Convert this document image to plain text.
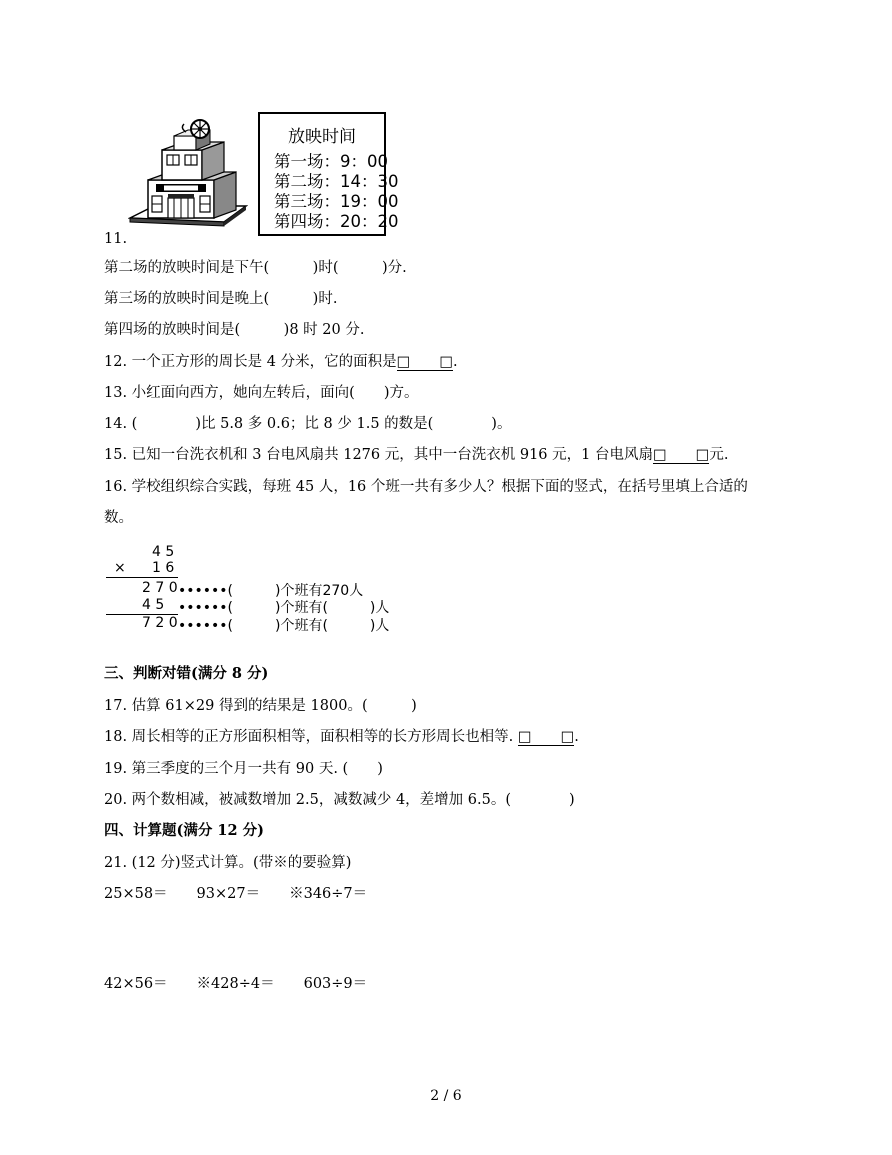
放映时间
第一场：9：00
第二场：14：30
第三场：19：00
第四场：20：20
11.
第二场的放映时间是下午(　　　)时(　　　)分.
第三场的放映时间是晚上(　　　)时.
第四场的放映时间是(　　　)8 时 20 分.
12. 一个正方形的周长是 4 分米，它的面积是□　　□.
13. 小红面向西方，她向左转后，面向(　　)方。
14. (　　　　)比 5.8 多 0.6；比 8 少 1.5 的数是(　　　　)。
15. 已知一台洗衣机和 3 台电风扇共 1276 元，其中一台洗衣机 916 元，1 台电风扇□　　□元.
16. 学校组织综合实践，每班 45 人，16 个班一共有多少人？根据下面的竖式，在括号里填上合适的
数。
4 5
× 1 6
2 7 0 ••••••(　　　)个班有270人
4 5 ••••••(　　　)个班有(　　　)人
7 2 0 ••••••(　　　)个班有(　　　)人
三、判断对错(满分 8 分)
17. 估算 61×29 得到的结果是 1800。(　　　)
18. 周长相等的正方形面积相等，面积相等的长方形周长也相等. □　　□.
19. 第三季度的三个月一共有 90 天. (　　)
20. 两个数相减，被减数增加 2.5，减数减少 4，差增加 6.5。(　　　　)
四、计算题(满分 12 分)
21. (12 分)竖式计算。(带※的要验算)
25×58＝　　93×27＝　　※346÷7＝
42×56＝　　※428÷4＝　　603÷9＝
2 / 6
